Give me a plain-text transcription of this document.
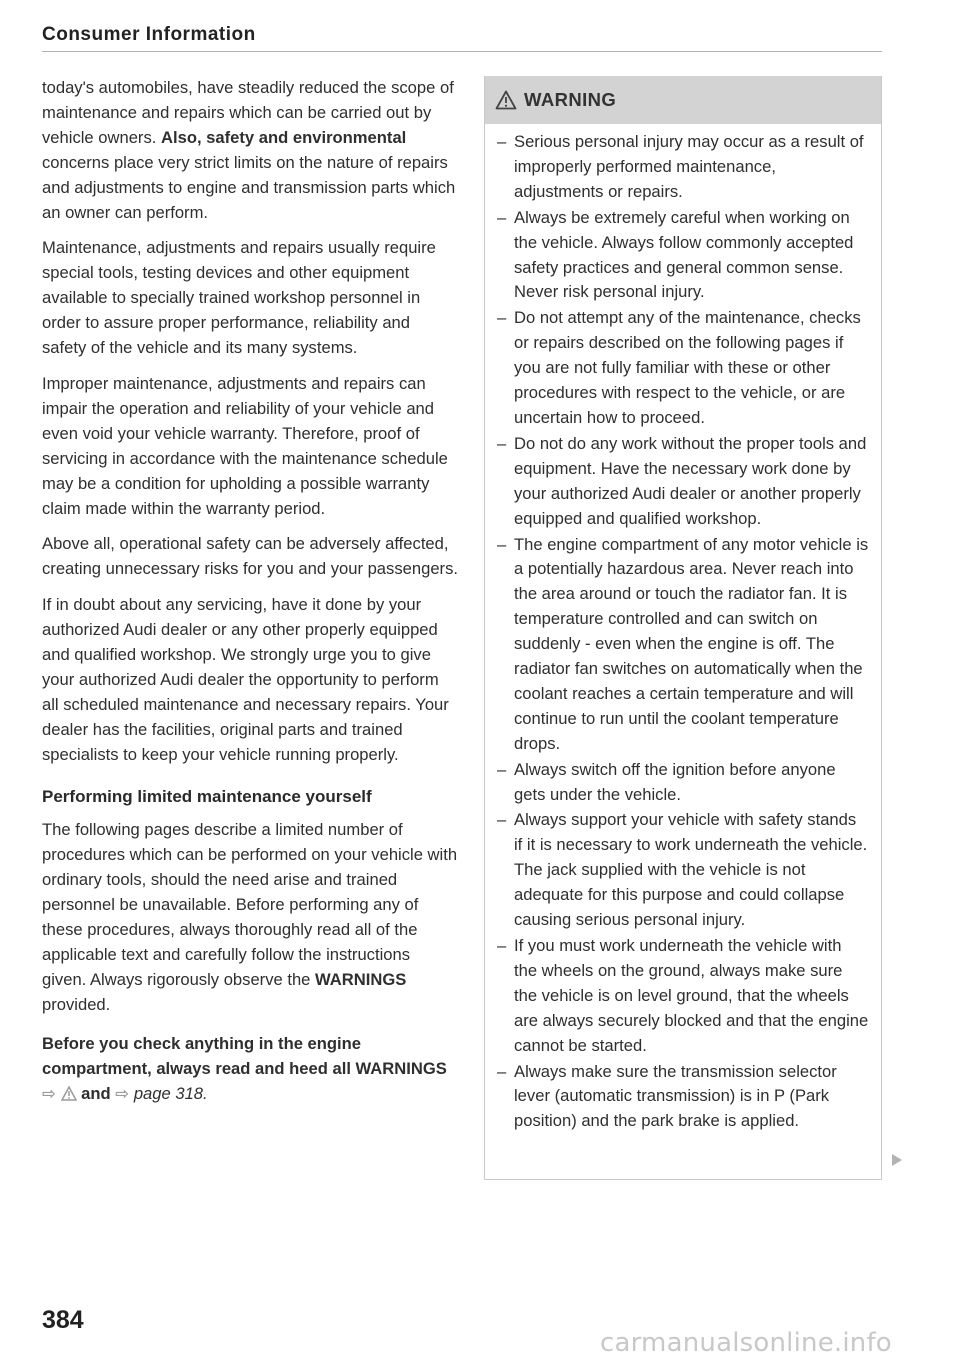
Consumer Information

today's automobiles, have steadily reduced the scope of maintenance and repairs which can be carried out by vehicle owners. Also, safety and environmental concerns place very strict limits on the nature of repairs and adjustments to engine and transmission parts which an owner can perform.

Maintenance, adjustments and repairs usually require special tools, testing devices and other equipment available to specially trained workshop personnel in order to assure proper performance, reliability and safety of the vehicle and its many systems.

Improper maintenance, adjustments and repairs can impair the operation and reliability of your vehicle and even void your vehicle warranty. Therefore, proof of servicing in accordance with the maintenance schedule may be a condition for upholding a possible warranty claim made within the warranty period.

Above all, operational safety can be adversely affected, creating unnecessary risks for you and your passengers.

If in doubt about any servicing, have it done by your authorized Audi dealer or any other properly equipped and qualified workshop. We strongly urge you to give your authorized Audi dealer the opportunity to perform all scheduled maintenance and necessary repairs. Your dealer has the facilities, original parts and trained specialists to keep your vehicle running properly.

Performing limited maintenance yourself

The following pages describe a limited number of procedures which can be performed on your vehicle with ordinary tools, should the need arise and trained personnel be unavailable. Before performing any of these procedures, always thoroughly read all of the applicable text and carefully follow the instructions given. Always rigorously observe the WARNINGS provided.

Before you check anything in the engine compartment, always read and heed all WARNINGS ⇨ and ⇨ page 318.

WARNING
– Serious personal injury may occur as a result of improperly performed maintenance, adjustments or repairs.
– Always be extremely careful when working on the vehicle. Always follow commonly accepted safety practices and general common sense. Never risk personal injury.
– Do not attempt any of the maintenance, checks or repairs described on the following pages if you are not fully familiar with these or other procedures with respect to the vehicle, or are uncertain how to proceed.
– Do not do any work without the proper tools and equipment. Have the necessary work done by your authorized Audi dealer or another properly equipped and qualified workshop.
– The engine compartment of any motor vehicle is a potentially hazardous area. Never reach into the area around or touch the radiator fan. It is temperature controlled and can switch on suddenly - even when the engine is off. The radiator fan switches on automatically when the coolant reaches a certain temperature and will continue to run until the coolant temperature drops.
– Always switch off the ignition before anyone gets under the vehicle.
– Always support your vehicle with safety stands if it is necessary to work underneath the vehicle. The jack supplied with the vehicle is not adequate for this purpose and could collapse causing serious personal injury.
– If you must work underneath the vehicle with the wheels on the ground, always make sure the vehicle is on level ground, that the wheels are always securely blocked and that the engine cannot be started.
– Always make sure the transmission selector lever (automatic transmission) is in P (Park position) and the park brake is applied.
384
carmanualsonline.info
